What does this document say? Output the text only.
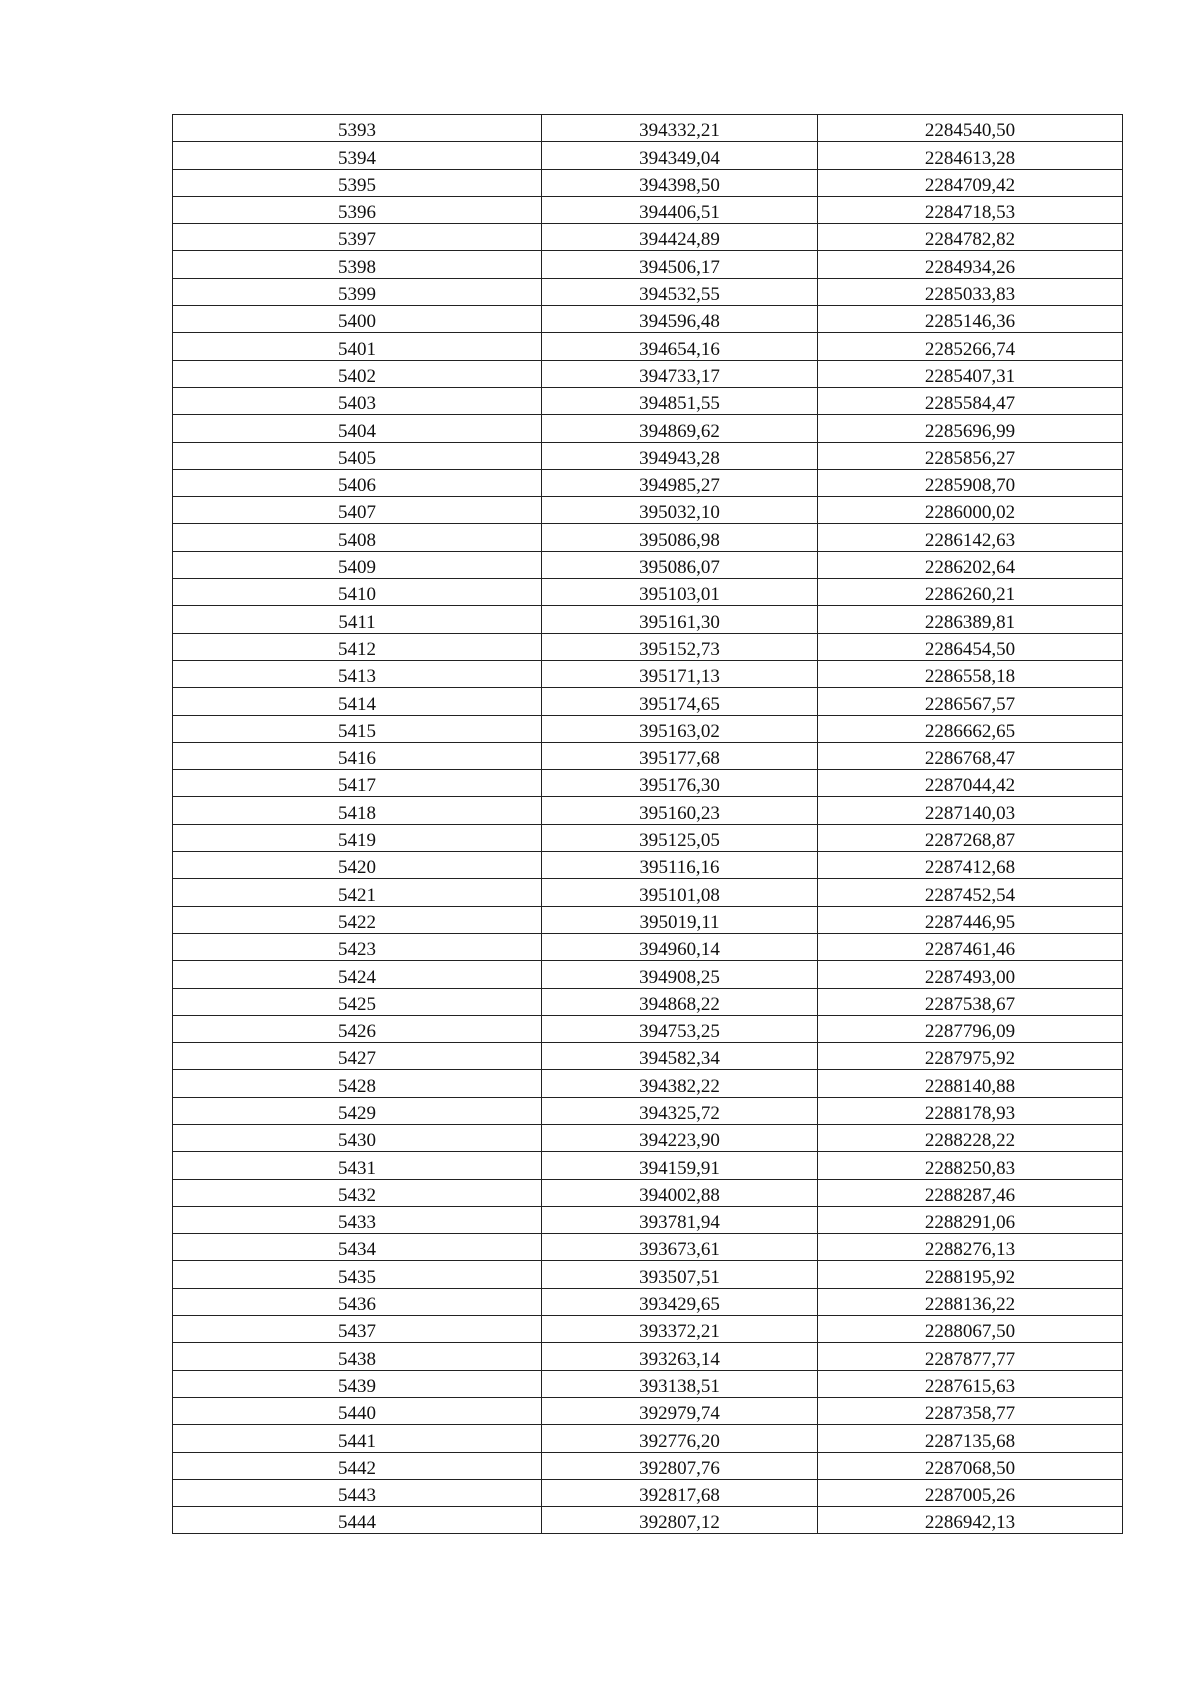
5393	394332,21	2284540,50
5394	394349,04	2284613,28
5395	394398,50	2284709,42
5396	394406,51	2284718,53
5397	394424,89	2284782,82
5398	394506,17	2284934,26
5399	394532,55	2285033,83
5400	394596,48	2285146,36
5401	394654,16	2285266,74
5402	394733,17	2285407,31
5403	394851,55	2285584,47
5404	394869,62	2285696,99
5405	394943,28	2285856,27
5406	394985,27	2285908,70
5407	395032,10	2286000,02
5408	395086,98	2286142,63
5409	395086,07	2286202,64
5410	395103,01	2286260,21
5411	395161,30	2286389,81
5412	395152,73	2286454,50
5413	395171,13	2286558,18
5414	395174,65	2286567,57
5415	395163,02	2286662,65
5416	395177,68	2286768,47
5417	395176,30	2287044,42
5418	395160,23	2287140,03
5419	395125,05	2287268,87
5420	395116,16	2287412,68
5421	395101,08	2287452,54
5422	395019,11	2287446,95
5423	394960,14	2287461,46
5424	394908,25	2287493,00
5425	394868,22	2287538,67
5426	394753,25	2287796,09
5427	394582,34	2287975,92
5428	394382,22	2288140,88
5429	394325,72	2288178,93
5430	394223,90	2288228,22
5431	394159,91	2288250,83
5432	394002,88	2288287,46
5433	393781,94	2288291,06
5434	393673,61	2288276,13
5435	393507,51	2288195,92
5436	393429,65	2288136,22
5437	393372,21	2288067,50
5438	393263,14	2287877,77
5439	393138,51	2287615,63
5440	392979,74	2287358,77
5441	392776,20	2287135,68
5442	392807,76	2287068,50
5443	392817,68	2287005,26
5444	392807,12	2286942,13
